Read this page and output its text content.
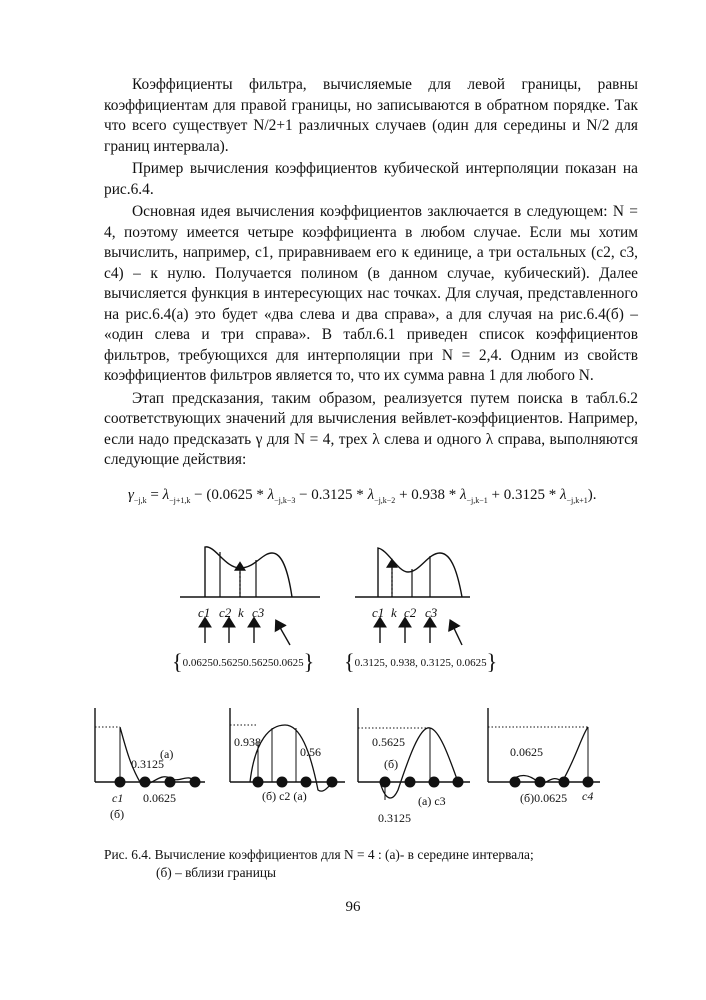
Коэффициенты фильтра, вычисляемые для левой границы, равны коэффициентам для правой границы, но записываются в обратном порядке. Так что всего существует N/2+1 различных случаев (один для середины и N/2 для границ интервала).

Пример вычисления коэффициентов кубической интерполяции показан на рис.6.4.

Основная идея вычисления коэффициентов заключается в следующем: N = 4, поэтому имеется четыре коэффициента в любом случае. Если мы хотим вычислить, например, c1, приравниваем его к единице, а три остальных (c2, c3, c4) – к нулю. Получается полином (в данном случае, кубический). Далее вычисляется функция в интересующих нас точках. Для случая, представленного на рис.6.4(а) это будет «два слева и два справа», а для случая на рис.6.4(б) – «один слева и три справа». В табл.6.1 приведен список коэффициентов фильтров, требующихся для интерполяции при N = 2,4. Одним из свойств коэффициентов фильтров является то, что их сумма равна 1 для любого N.

Этап предсказания, таким образом, реализуется путем поиска в табл.6.2 соответствующих значений для вычисления вейвлет-коэффициентов. Например, если надо предсказать γ для N = 4, трех λ слева и одного λ справа, выполняются следующие действия:

$\gamma_{-j,k} = \lambda_{-j+1,k} - (0.0625 * \lambda_{-j,k-3} - 0.3125 * \lambda_{-j,k-2} + 0.938 * \lambda_{-j,k-1} + 0.3125 * \lambda_{-j,k+1})$.
c1 c2 k c3	c1 k c2 c3
{0.06250.56250.56250.0625} {0.3125, 0.938, 0.3125, 0.0625}
0.3125
(a)
0.0625
c1
(б)
0.938
0.56
(б) c2 (а)
0.5625
(б)
(а) c3
0.3125
0.0625
(б)0.0625 c4
Рис. 6.4. Вычисление коэффициентов для N = 4 : (а)- в середине интервала;
(б) – вблизи границы
96
